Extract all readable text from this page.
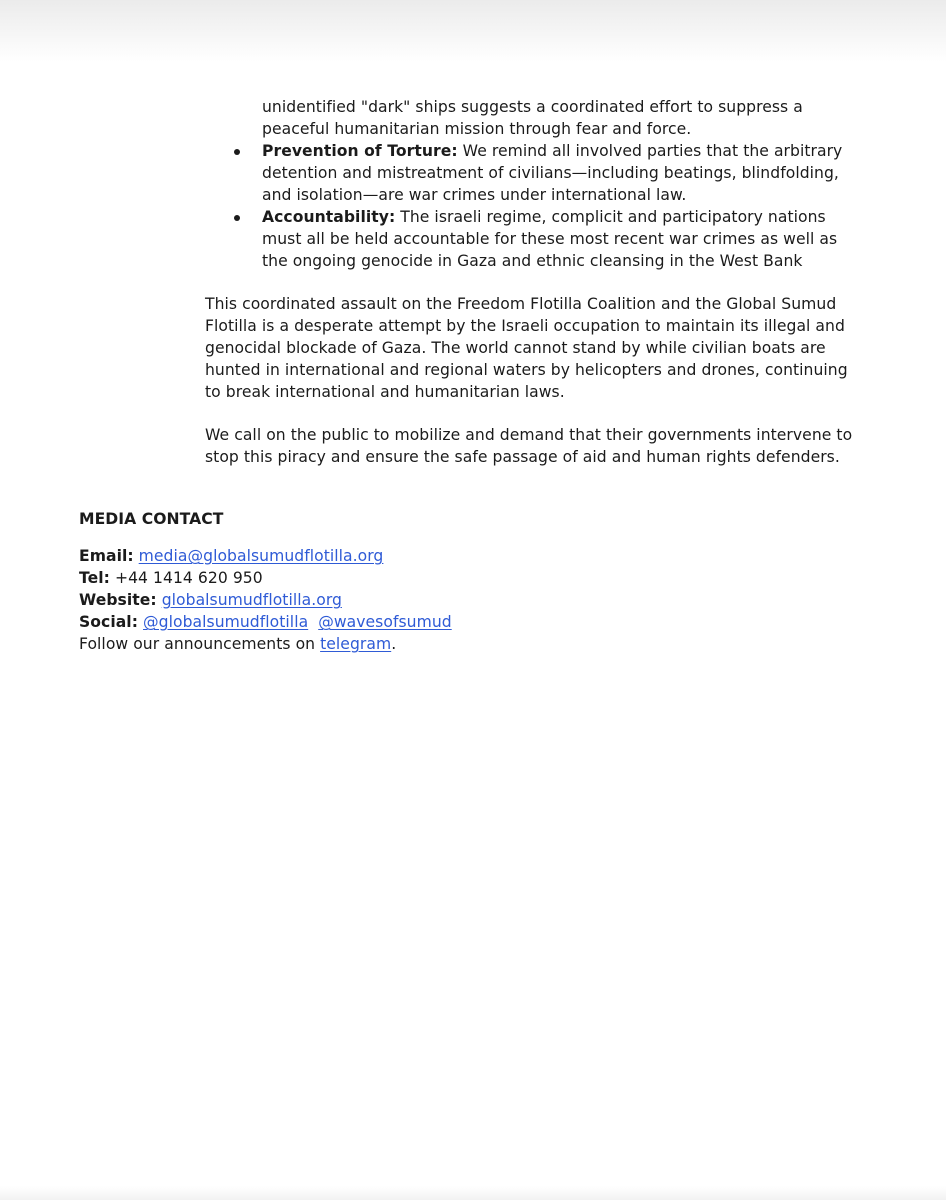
unidentified "dark" ships suggests a coordinated effort to suppress a peaceful humanitarian mission through fear and force.
Prevention of Torture: We remind all involved parties that the arbitrary detention and mistreatment of civilians—including beatings, blindfolding, and isolation—are war crimes under international law.
Accountability: The israeli regime, complicit and participatory nations must all be held accountable for these most recent war crimes as well as the ongoing genocide in Gaza and ethnic cleansing in the West Bank

This coordinated assault on the Freedom Flotilla Coalition and the Global Sumud Flotilla is a desperate attempt by the Israeli occupation to maintain its illegal and genocidal blockade of Gaza. The world cannot stand by while civilian boats are hunted in international and regional waters by helicopters and drones, continuing to break international and humanitarian laws.

We call on the public to mobilize and demand that their governments intervene to stop this piracy and ensure the safe passage of aid and human rights defenders.

MEDIA CONTACT

Email: media@globalsumudflotilla.org

Tel: +44 1414 620 950

Website: globalsumudflotilla.org

Social: @globalsumudflotilla @wavesofsumud

Follow our announcements on telegram.
